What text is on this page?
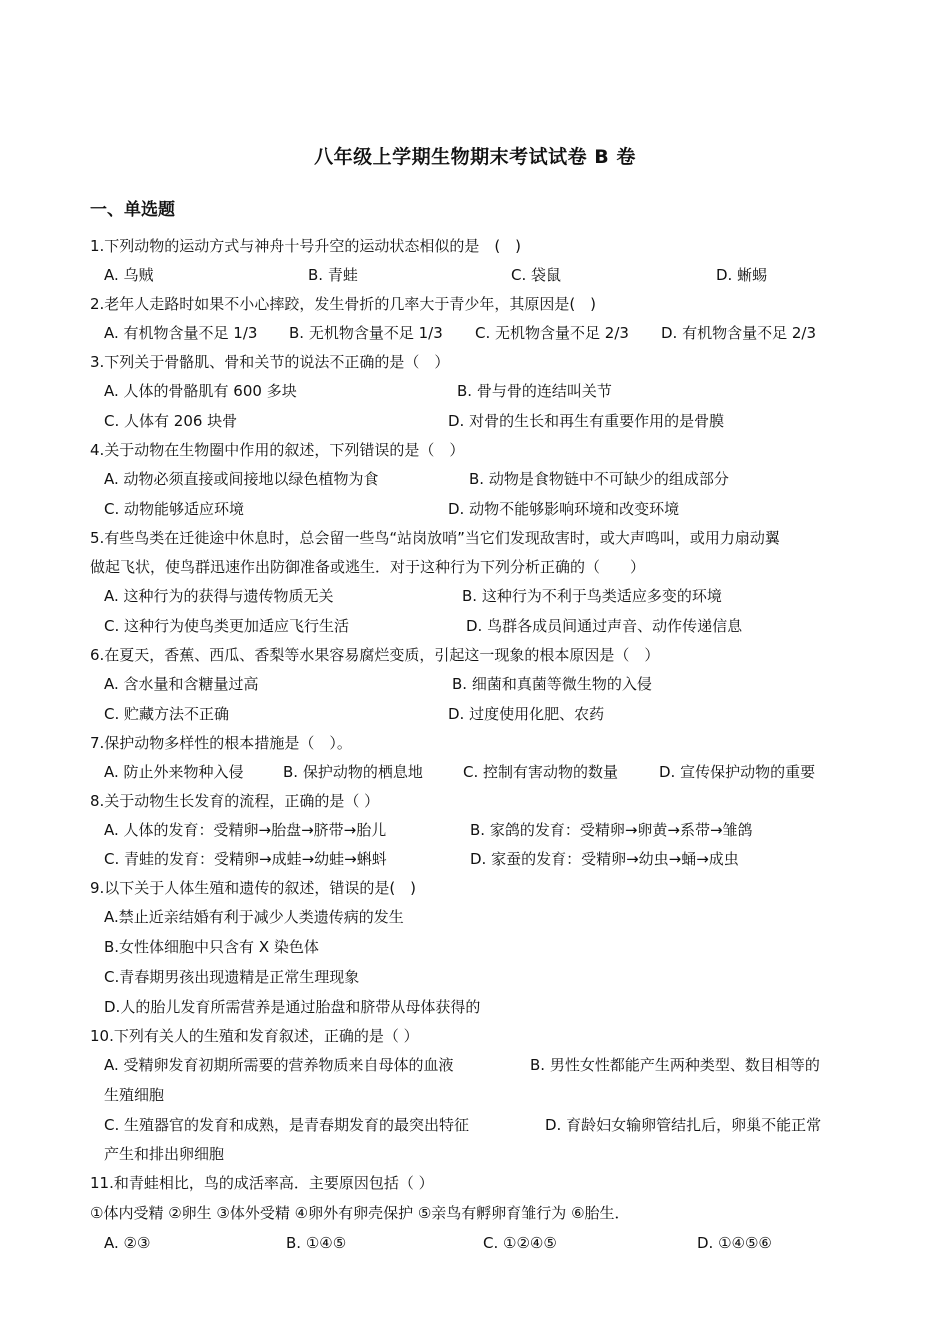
八年级上学期生物期末考试试卷 B 卷
一、单选题
1.下列动物的运动方式与神舟十号升空的运动状态相似的是　(　)
A. 乌贼	B. 青蛙	C. 袋鼠	D. 蜥蜴
2.老年人走路时如果不小心摔跤，发生骨折的几率大于青少年，其原因是(　)
A. 有机物含量不足 1/3 B. 无机物含量不足 1/3 C. 无机物含量不足 2/3 D. 有机物含量不足 2/3
3.下列关于骨骼肌、骨和关节的说法不正确的是（　）
A. 人体的骨骼肌有 600 多块	B. 骨与骨的连结叫关节
C. 人体有 206 块骨	D. 对骨的生长和再生有重要作用的是骨膜
4.关于动物在生物圈中作用的叙述，下列错误的是（　）
A. 动物必须直接或间接地以绿色植物为食	B. 动物是食物链中不可缺少的组成部分
C. 动物能够适应环境	D. 动物不能够影响环境和改变环境
5.有些鸟类在迁徙途中休息时，总会留一些鸟“站岗放哨”当它们发现敌害时，或大声鸣叫，或用力扇动翼
做起飞状，使鸟群迅速作出防御准备或逃生．对于这种行为下列分析正确的（　　）
A. 这种行为的获得与遗传物质无关	B. 这种行为不利于鸟类适应多变的环境
C. 这种行为使鸟类更加适应飞行生活	D. 鸟群各成员间通过声音、动作传递信息
6.在夏天，香蕉、西瓜、香梨等水果容易腐烂变质，引起这一现象的根本原因是（　）
A. 含水量和含糖量过高	B. 细菌和真菌等微生物的入侵
C. 贮藏方法不正确	D. 过度使用化肥、农药
7.保护动物多样性的根本措施是（　）。
A. 防止外来物种入侵	B. 保护动物的栖息地	C. 控制有害动物的数量	D. 宣传保护动物的重要
8.关于动物生长发育的流程，正确的是（ ）
A. 人体的发育：受精卵→胎盘→脐带→胎儿	B. 家鸽的发育：受精卵→卵黄→系带→雏鸽
C. 青蛙的发育：受精卵→成蛙→幼蛙→蝌蚪	D. 家蚕的发育：受精卵→幼虫→蛹→成虫
9.以下关于人体生殖和遗传的叙述，错误的是(　)
A.禁止近亲结婚有利于减少人类遗传病的发生
B.女性体细胞中只含有 X 染色体
C.青春期男孩出现遗精是正常生理现象
D.人的胎儿发育所需营养是通过胎盘和脐带从母体获得的
10.下列有关人的生殖和发育叙述，正确的是（ ）
A. 受精卵发育初期所需要的营养物质来自母体的血液	B. 男性女性都能产生两种类型、数目相等的
生殖细胞
C. 生殖器官的发育和成熟，是青春期发育的最突出特征	D. 育龄妇女输卵管结扎后，卵巢不能正常
产生和排出卵细胞
11.和青蛙相比，鸟的成活率高．主要原因包括（ ）
①体内受精 ②卵生 ③体外受精 ④卵外有卵壳保护 ⑤亲鸟有孵卵育雏行为 ⑥胎生．
A. ②③	B. ①④⑤	C. ①②④⑤	D. ①④⑤⑥
